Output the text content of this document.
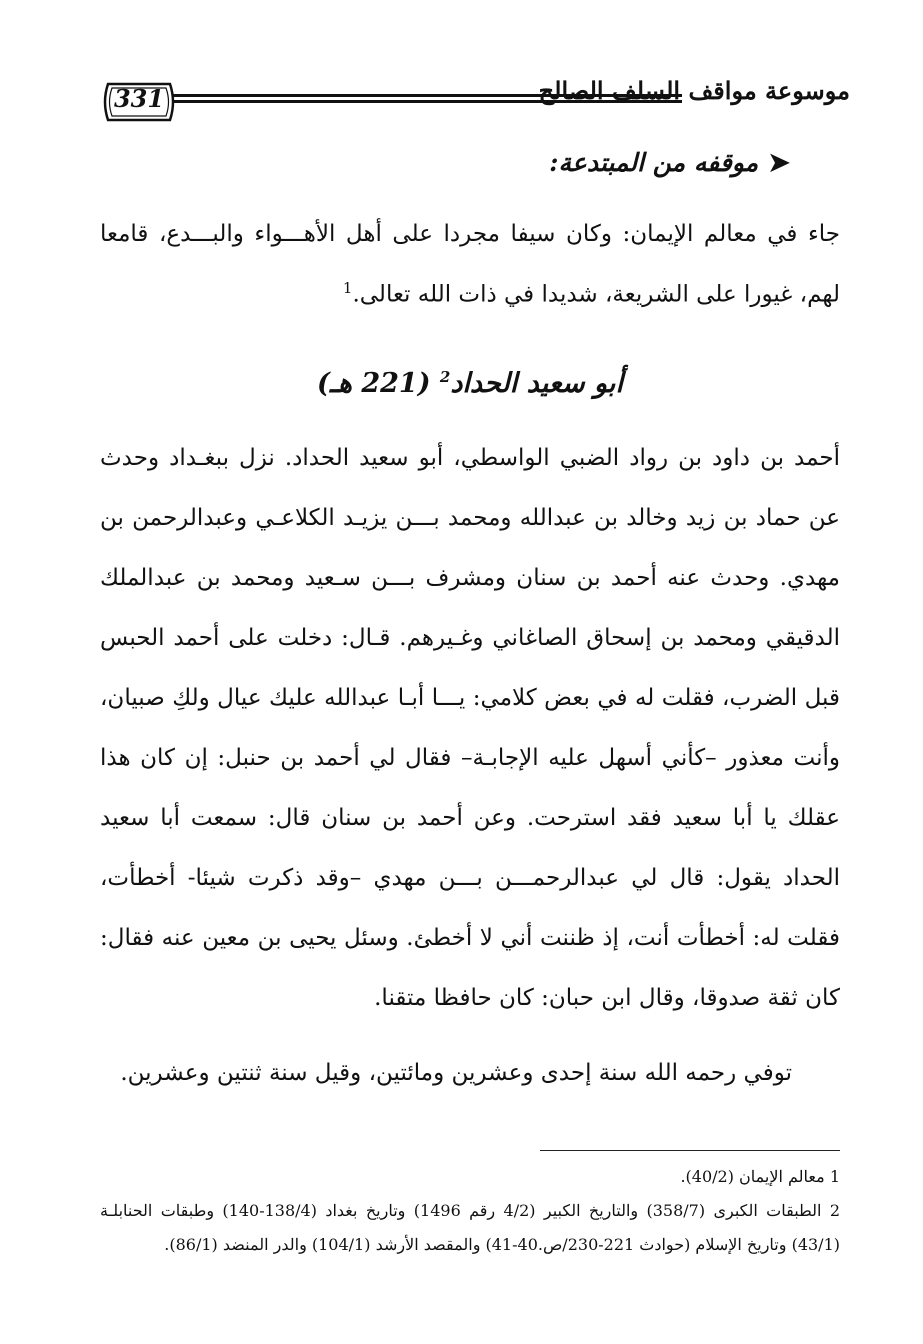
331	موسوعة مواقف السلف الصالح
➤موقفه من المبتدعة:
جاء في معالم الإيمان: وكان سيفا مجردا على أهل الأهـــواء والبـــدع، قامعا لهم، غيورا على الشريعة، شديدا في ذات الله تعالى.$^1$
أبو سعيد الحداد$^2$ (221 هـ)
أحمد بن داود بن رواد الضبي الواسطي، أبو سعيد الحداد. نزل ببغـداد وحدث عن حماد بن زيد وخالد بن عبدالله ومحمد بـــن يزيـد الكلاعـي وعبدالرحمن بن مهدي. وحدث عنه أحمد بن سنان ومشرف بـــن سـعيد ومحمد بن عبدالملك الدقيقي ومحمد بن إسحاق الصاغاني وغـيرهم. قـال: دخلت على أحمد الحبس قبل الضرب، فقلت له في بعض كلامي: يـــا أبـا عبدالله عليك عيال ولكِ صبيان، وأنت معذور –كأني أسهل عليه الإجابـة– فقال لي أحمد بن حنبل: إن كان هذا عقلك يا أبا سعيد فقد استرحت. وعن أحمد بن سنان قال: سمعت أبا سعيد الحداد يقول: قال لي عبدالرحمـــن بـــن مهدي –وقد ذكرت شيئا- أخطأت، فقلت له: أخطأت أنت، إذ ظننت أني لا أخطئ. وسئل يحيى بن معين عنه فقال: كان ثقة صدوقا، وقال ابن حبان: كان حافظا متقنا.
توفي رحمه الله سنة إحدى وعشرين ومائتين، وقيل سنة ثنتين وعشرين.

1 معالم الإيمان (40/2).

2 الطبقات الكبرى (358/7) والتاريخ الكبير (4/2 رقم 1496) وتاريخ بغداد (138/4-140) وطبقات الحنابلـة (43/1) وتاريخ الإسلام (حوادث 221-230/ص.40-41) والمقصد الأرشد (104/1) والدر المنضد (86/1).
